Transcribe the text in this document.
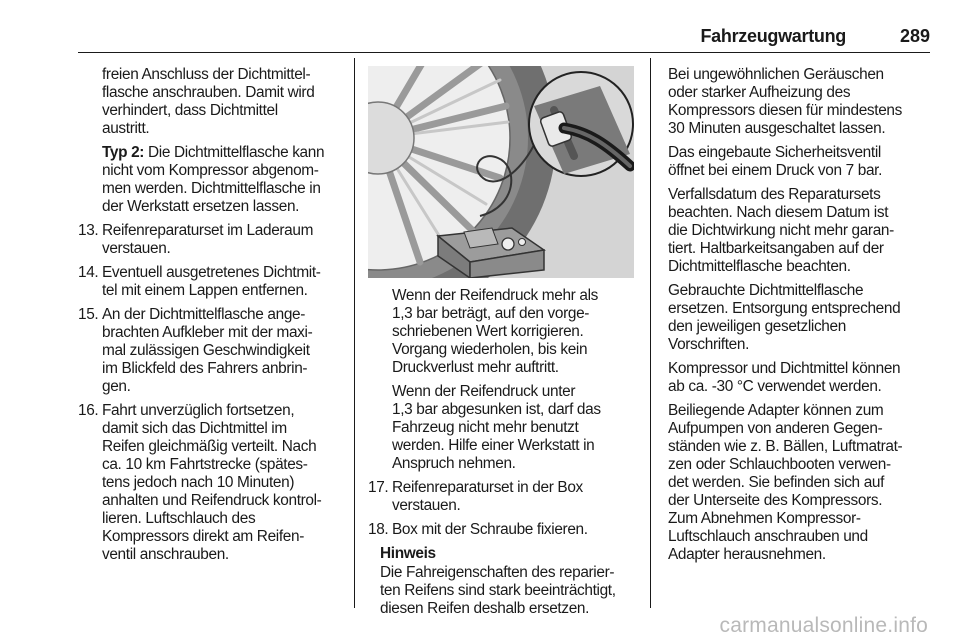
Fahrzeugwartung	289

freien Anschluss der Dichtmittel-
flasche anschrauben. Damit wird
verhindert, dass Dichtmittel
austritt.

Typ 2: Die Dichtmittelflasche kann
nicht vom Kompressor abgenom-
men werden. Dichtmittelflasche in
der Werkstatt ersetzen lassen.

13. Reifenreparaturset im Laderaum
verstauen.
14. Eventuell ausgetretenes Dichtmit-
tel mit einem Lappen entfernen.
15. An der Dichtmittelflasche ange-
brachten Aufkleber mit der maxi-
mal zulässigen Geschwindigkeit
im Blickfeld des Fahrers anbrin-
gen.
16. Fahrt unverzüglich fortsetzen,
damit sich das Dichtmittel im
Reifen gleichmäßig verteilt. Nach
ca. 10 km Fahrtstrecke (spätes-
tens jedoch nach 10 Minuten)
anhalten und Reifendruck kontrol-
lieren. Luftschlauch des
Kompressors direkt am Reifen-
ventil anschrauben.

Wenn der Reifendruck mehr als
1,3 bar beträgt, auf den vorge-
schriebenen Wert korrigieren.
Vorgang wiederholen, bis kein
Druckverlust mehr auftritt.

Wenn der Reifendruck unter
1,3 bar abgesunken ist, darf das
Fahrzeug nicht mehr benutzt
werden. Hilfe einer Werkstatt in
Anspruch nehmen.

17. Reifenreparaturset in der Box
verstauen.
18. Box mit der Schraube fixieren.
Hinweis
Die Fahreigenschaften des reparier-
ten Reifens sind stark beeinträchtigt,
diesen Reifen deshalb ersetzen.

Bei ungewöhnlichen Geräuschen
oder starker Aufheizung des
Kompressors diesen für mindestens
30 Minuten ausgeschaltet lassen.

Das eingebaute Sicherheitsventil
öffnet bei einem Druck von 7 bar.

Verfallsdatum des Reparatursets
beachten. Nach diesem Datum ist
die Dichtwirkung nicht mehr garan-
tiert. Haltbarkeitsangaben auf der
Dichtmittelflasche beachten.

Gebrauchte Dichtmittelflasche
ersetzen. Entsorgung entsprechend
den jeweiligen gesetzlichen
Vorschriften.

Kompressor und Dichtmittel können
ab ca. -30 °C verwendet werden.

Beiliegende Adapter können zum
Aufpumpen von anderen Gegen-
ständen wie z. B. Bällen, Luftmatrat-
zen oder Schlauchbooten verwen-
det werden. Sie befinden sich auf
der Unterseite des Kompressors.
Zum Abnehmen Kompressor-
Luftschlauch anschrauben und
Adapter herausnehmen.

carmanualsonline.info
